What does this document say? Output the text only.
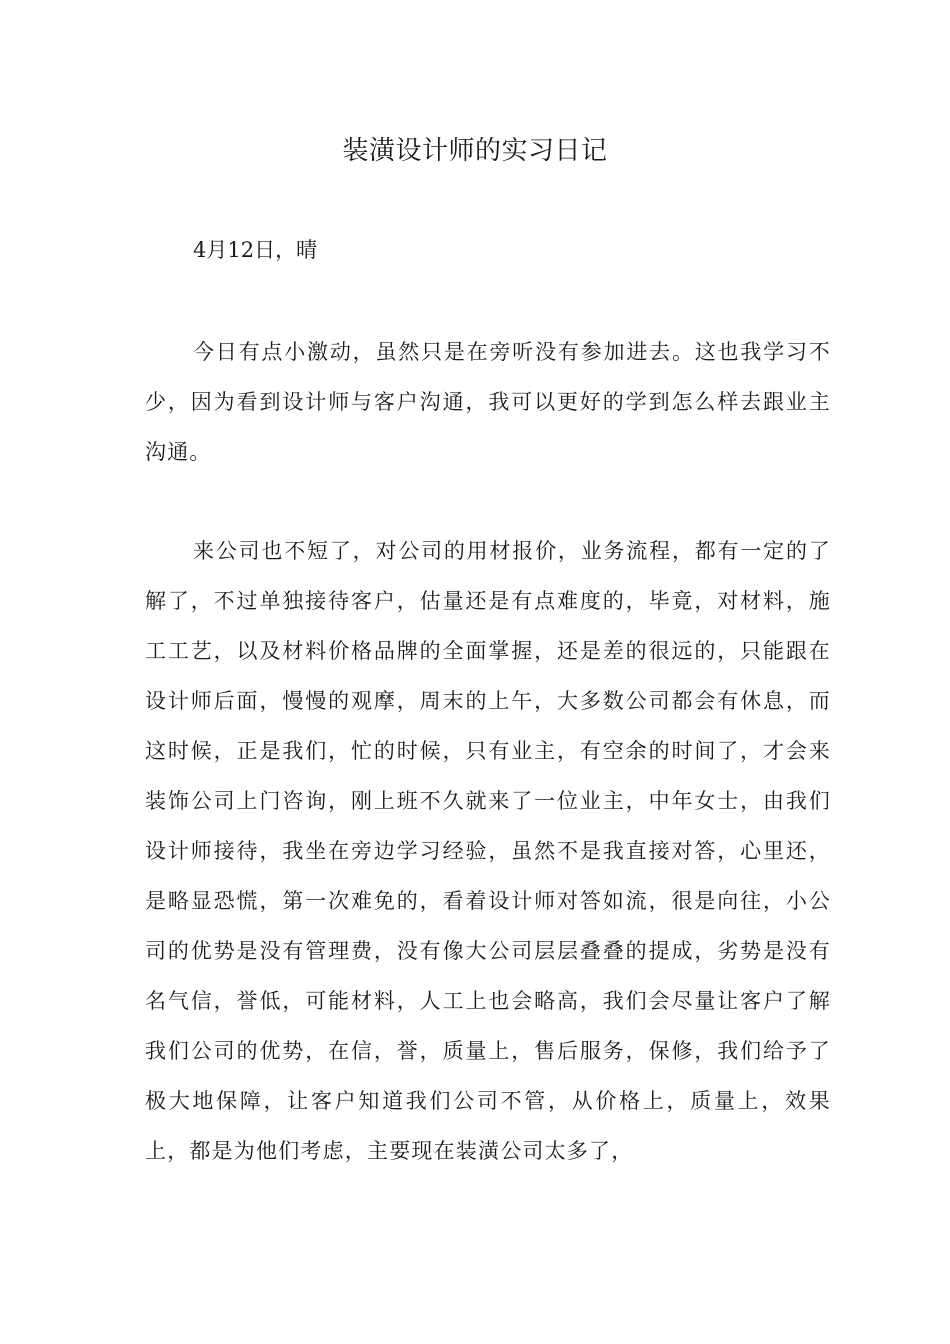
装潢设计师的实习日记

4月12日，晴

今日有点小激动，虽然只是在旁听没有参加进去。这也我学习不少，因为看到设计师与客户沟通，我可以更好的学到怎么样去跟业主沟通。

来公司也不短了，对公司的用材报价，业务流程，都有一定的了解了，不过单独接待客户，估量还是有点难度的，毕竟，对材料，施工工艺，以及材料价格品牌的全面掌握，还是差的很远的，只能跟在设计师后面，慢慢的观摩，周末的上午，大多数公司都会有休息，而这时候，正是我们，忙的时候，只有业主，有空余的时间了，才会来装饰公司上门咨询，刚上班不久就来了一位业主，中年女士，由我们设计师接待，我坐在旁边学习经验，虽然不是我直接对答，心里还，是略显恐慌，第一次难免的，看着设计师对答如流，很是向往，小公司的优势是没有管理费，没有像大公司层层叠叠的提成，劣势是没有名气信，誉低，可能材料，人工上也会略高，我们会尽量让客户了解我们公司的优势，在信，誉，质量上，售后服务，保修，我们给予了极大地保障，让客户知道我们公司不管，从价格上，质量上，效果上，都是为他们考虑，主要现在装潢公司太多了，
